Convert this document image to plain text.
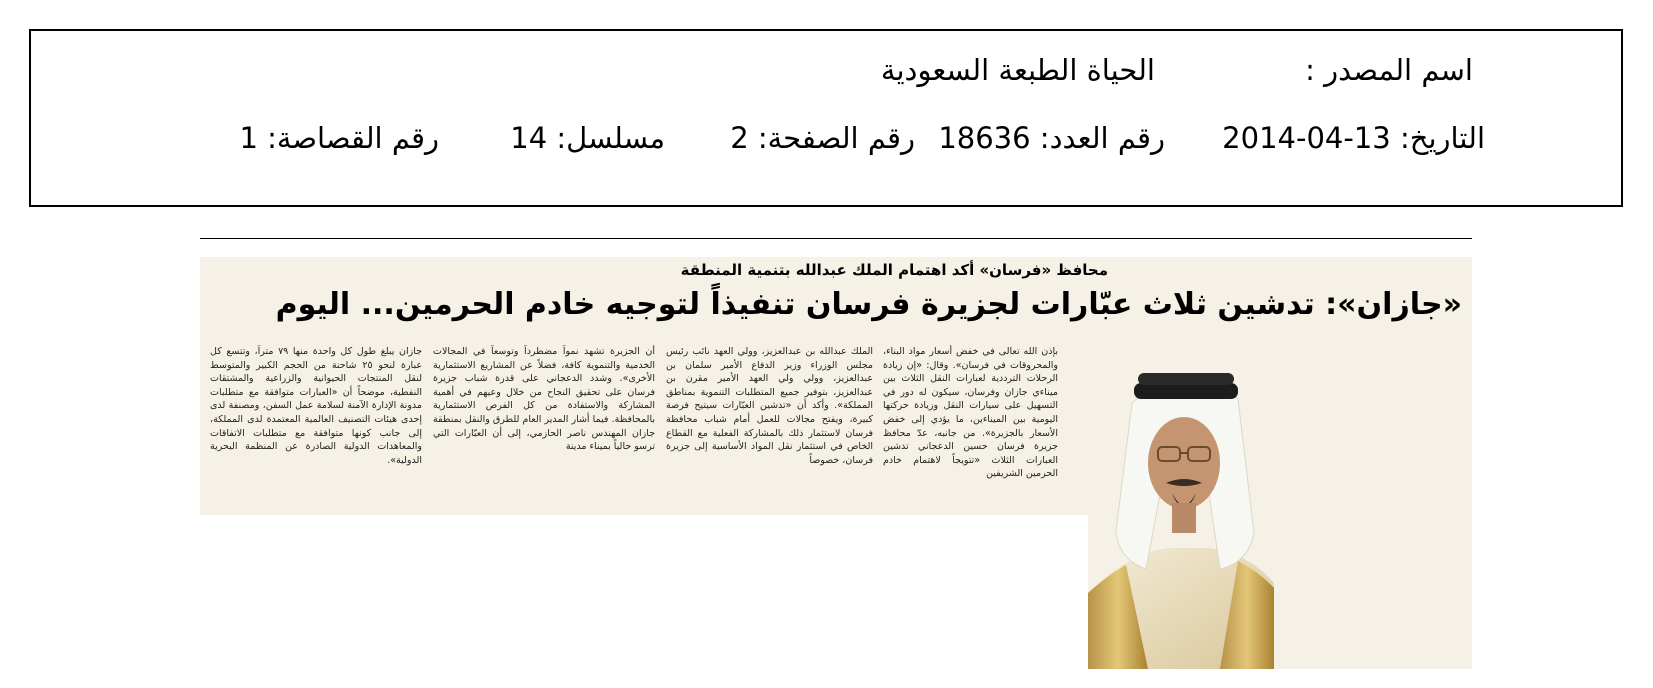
اسم المصدر :
الحياة الطبعة السعودية
التاريخ: 13-04-2014
رقم العدد: 18636
رقم الصفحة: 2
مسلسل: 14
رقم القصاصة: 1
محافظ «فرسان» أكد اهتمام الملك عبدالله بتنمية المنطقة
«جازان»: تدشين ثلاث عبّارات لجزيرة فرسان تنفيذاً لتوجيه خادم الحرمين... اليوم

بإذن الله تعالى في خفض أسعار مواد البناء، والمحروقات في فرسان». وقال: «إن زيادة الرحلات الترددية لعبارات النقل الثلاث بين ميناءي جازان وفرسان، سيكون له دور في التسهيل على سيارات النقل وزيادة حركتها اليومية بين الميناءين، ما يؤدي إلى خفض الأسعار بالجزيرة». من جانبه، عدّ محافظ جزيرة فرسان حسين الدعجاني تدشين العبارات الثلاث «تتويجاً لاهتمام خادم الحرمين الشريفين

الملك عبدالله بن عبدالعزيز، وولي العهد نائب رئيس مجلس الوزراء وزير الدفاع الأمير سلمان بن عبدالعزيز، وولي ولي العهد الأمير مقرن بن عبدالعزيز، بتوفير جميع المتطلبات التنموية بمناطق المملكة». وأكد أن «تدشين العبّارات سيتيح فرصة كبيرة، ويفتح مجالات للعمل أمام شباب محافظة فرسان لاستثمار ذلك بالمشاركة الفعلية مع القطاع الخاص في استثمار نقل المواد الأساسية إلى جزيرة فرسان، خصوصاً

أن الجزيرة تشهد نمواً مضطرداً وتوسعاً في المجالات الخدمية والتنموية كافة، فضلاً عن المشاريع الاستثمارية الأخرى». وشدد الدعجاني على قدرة شباب جزيرة فرسان على تحقيق النجاح من خلال وعيهم في أهمية المشاركة والاستفادة من كل الفرص الاستثمارية بالمحافظة. فيما أشار المدير العام للطرق والنقل بمنطقة جازان المهندس ناصر الحازمي، إلى أن العبّارات التي ترسو حالياً بميناء مدينة

جازان يبلغ طول كل واحدة منها ٧٩ متراً، وتتسع كل عبارة لنحو ٢٥ شاحنة من الحجم الكبير والمتوسط لنقل المنتجات الحيوانية والزراعية والمشتقات النفطية، موضحاً أن «العبارات متوافقة مع متطلبات مدونة الإدارة الآمنة لسلامة عمل السفن، ومصنفة لدى إحدى هيئات التصنيف العالمية المعتمدة لدى المملكة، إلى جانب كونها متوافقة مع متطلبات الاتفاقات والمعاهدات الدولية الصادرة عن المنظمة البحرية الدولية».
